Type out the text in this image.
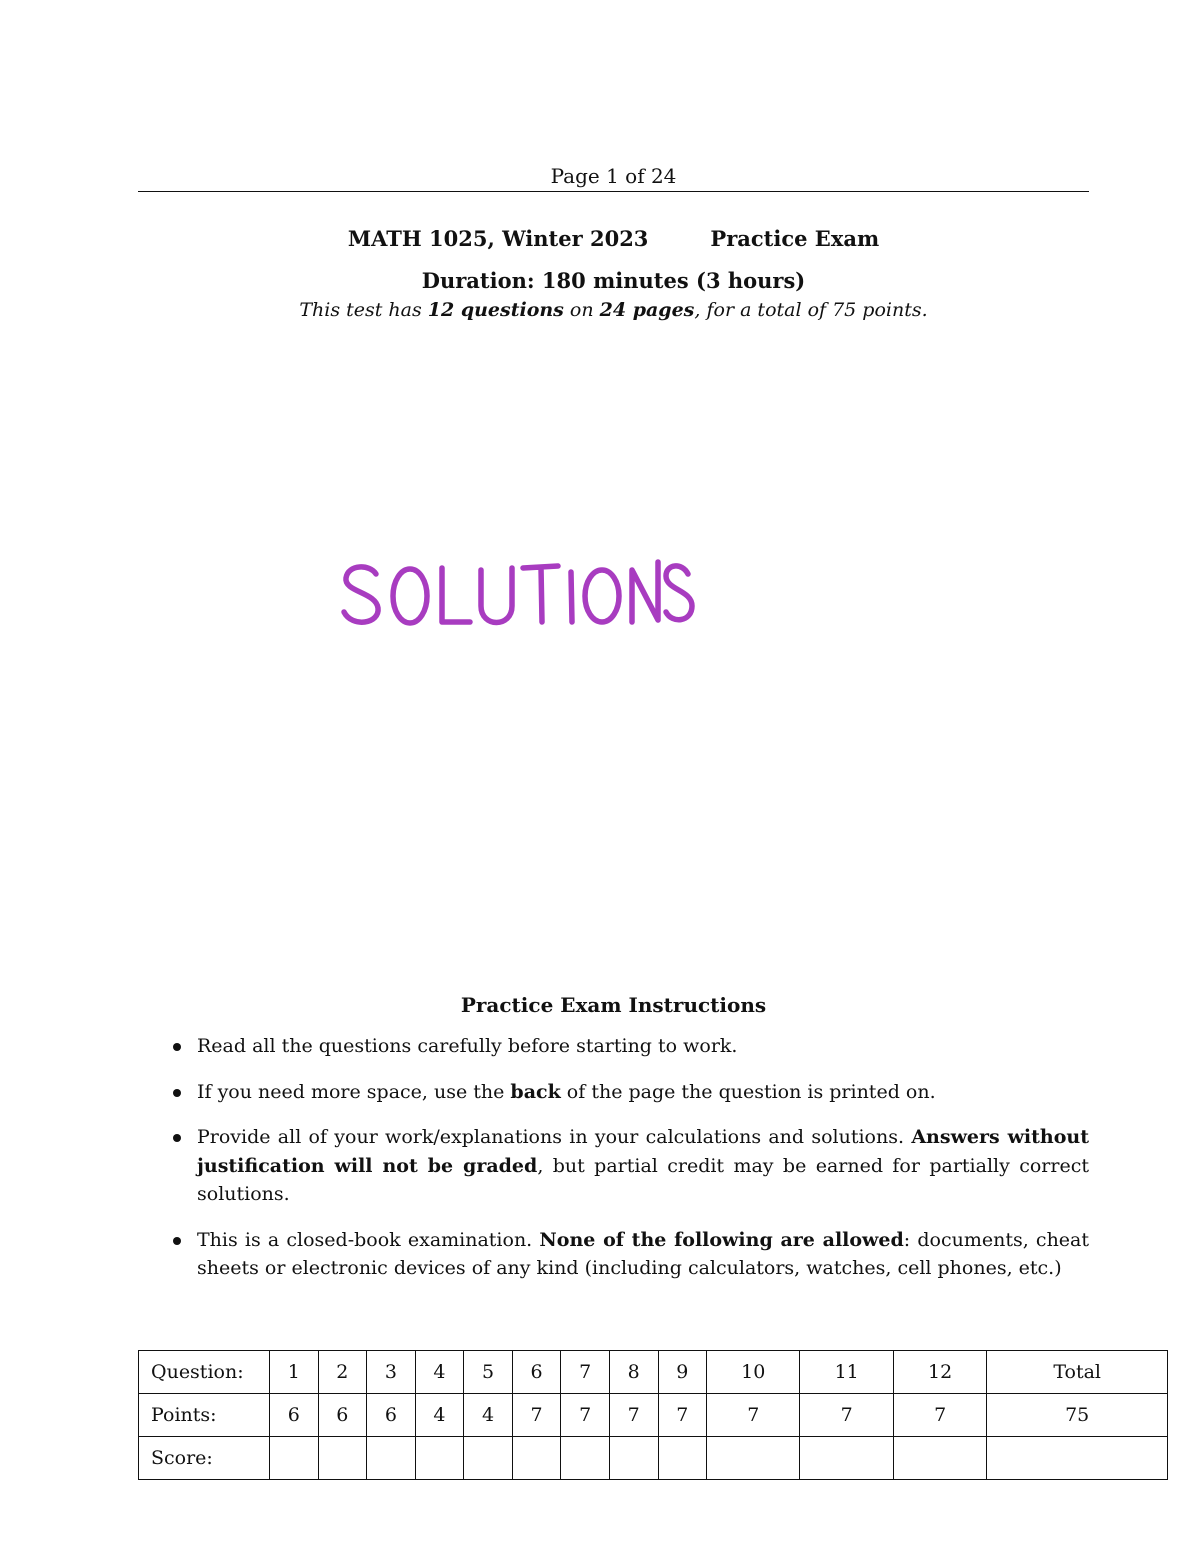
Page 1 of 24
MATH 1025, Winter 2023	Practice Exam
Duration: 180 minutes (3 hours)
This test has 12 questions on 24 pages, for a total of 75 points.
Practice Exam Instructions
Read all the questions carefully before starting to work.
If you need more space, use the back of the page the question is printed on.
Provide all of your work/explanations in your calculations and solutions. Answers without justification will not be graded, but partial credit may be earned for partially correct solutions.
This is a closed-book examination. None of the following are allowed: documents, cheat sheets or electronic devices of any kind (including calculators, watches, cell phones, etc.)
Question:	1	2	3	4	5	6	7	8	9	10	11	12	Total
Points:	6	6	6	4	4	7	7	7	7	7	7	7	75
Score:													
